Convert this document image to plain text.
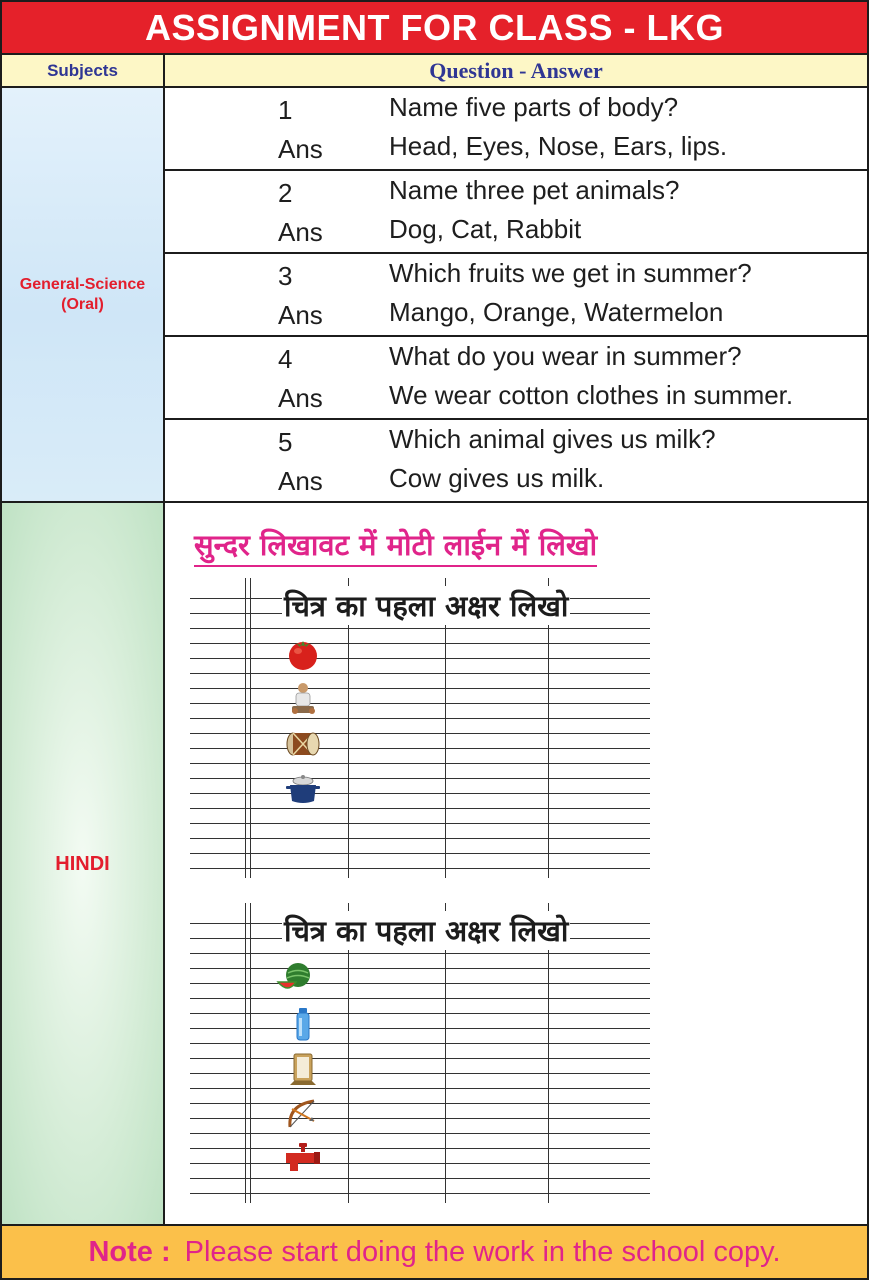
ASSIGNMENT FOR CLASS - LKG
Subjects	Question - Answer
General-Science
(Oral)
1	Name five parts of body?
Ans	Head, Eyes, Nose, Ears, lips.
2	Name three pet animals?
Ans	Dog, Cat, Rabbit
3	Which fruits we get in summer?
Ans	Mango, Orange, Watermelon
4	What do you wear in summer?
Ans	We wear cotton clothes in summer.
5	Which animal gives us milk?
Ans	Cow gives us milk.
HINDI
सुन्दर लिखावट में मोटी लाईन में लिखो
चित्र का पहला अक्षर लिखो
चित्र का पहला अक्षर लिखो
Note : Please start doing the work in the school copy.
